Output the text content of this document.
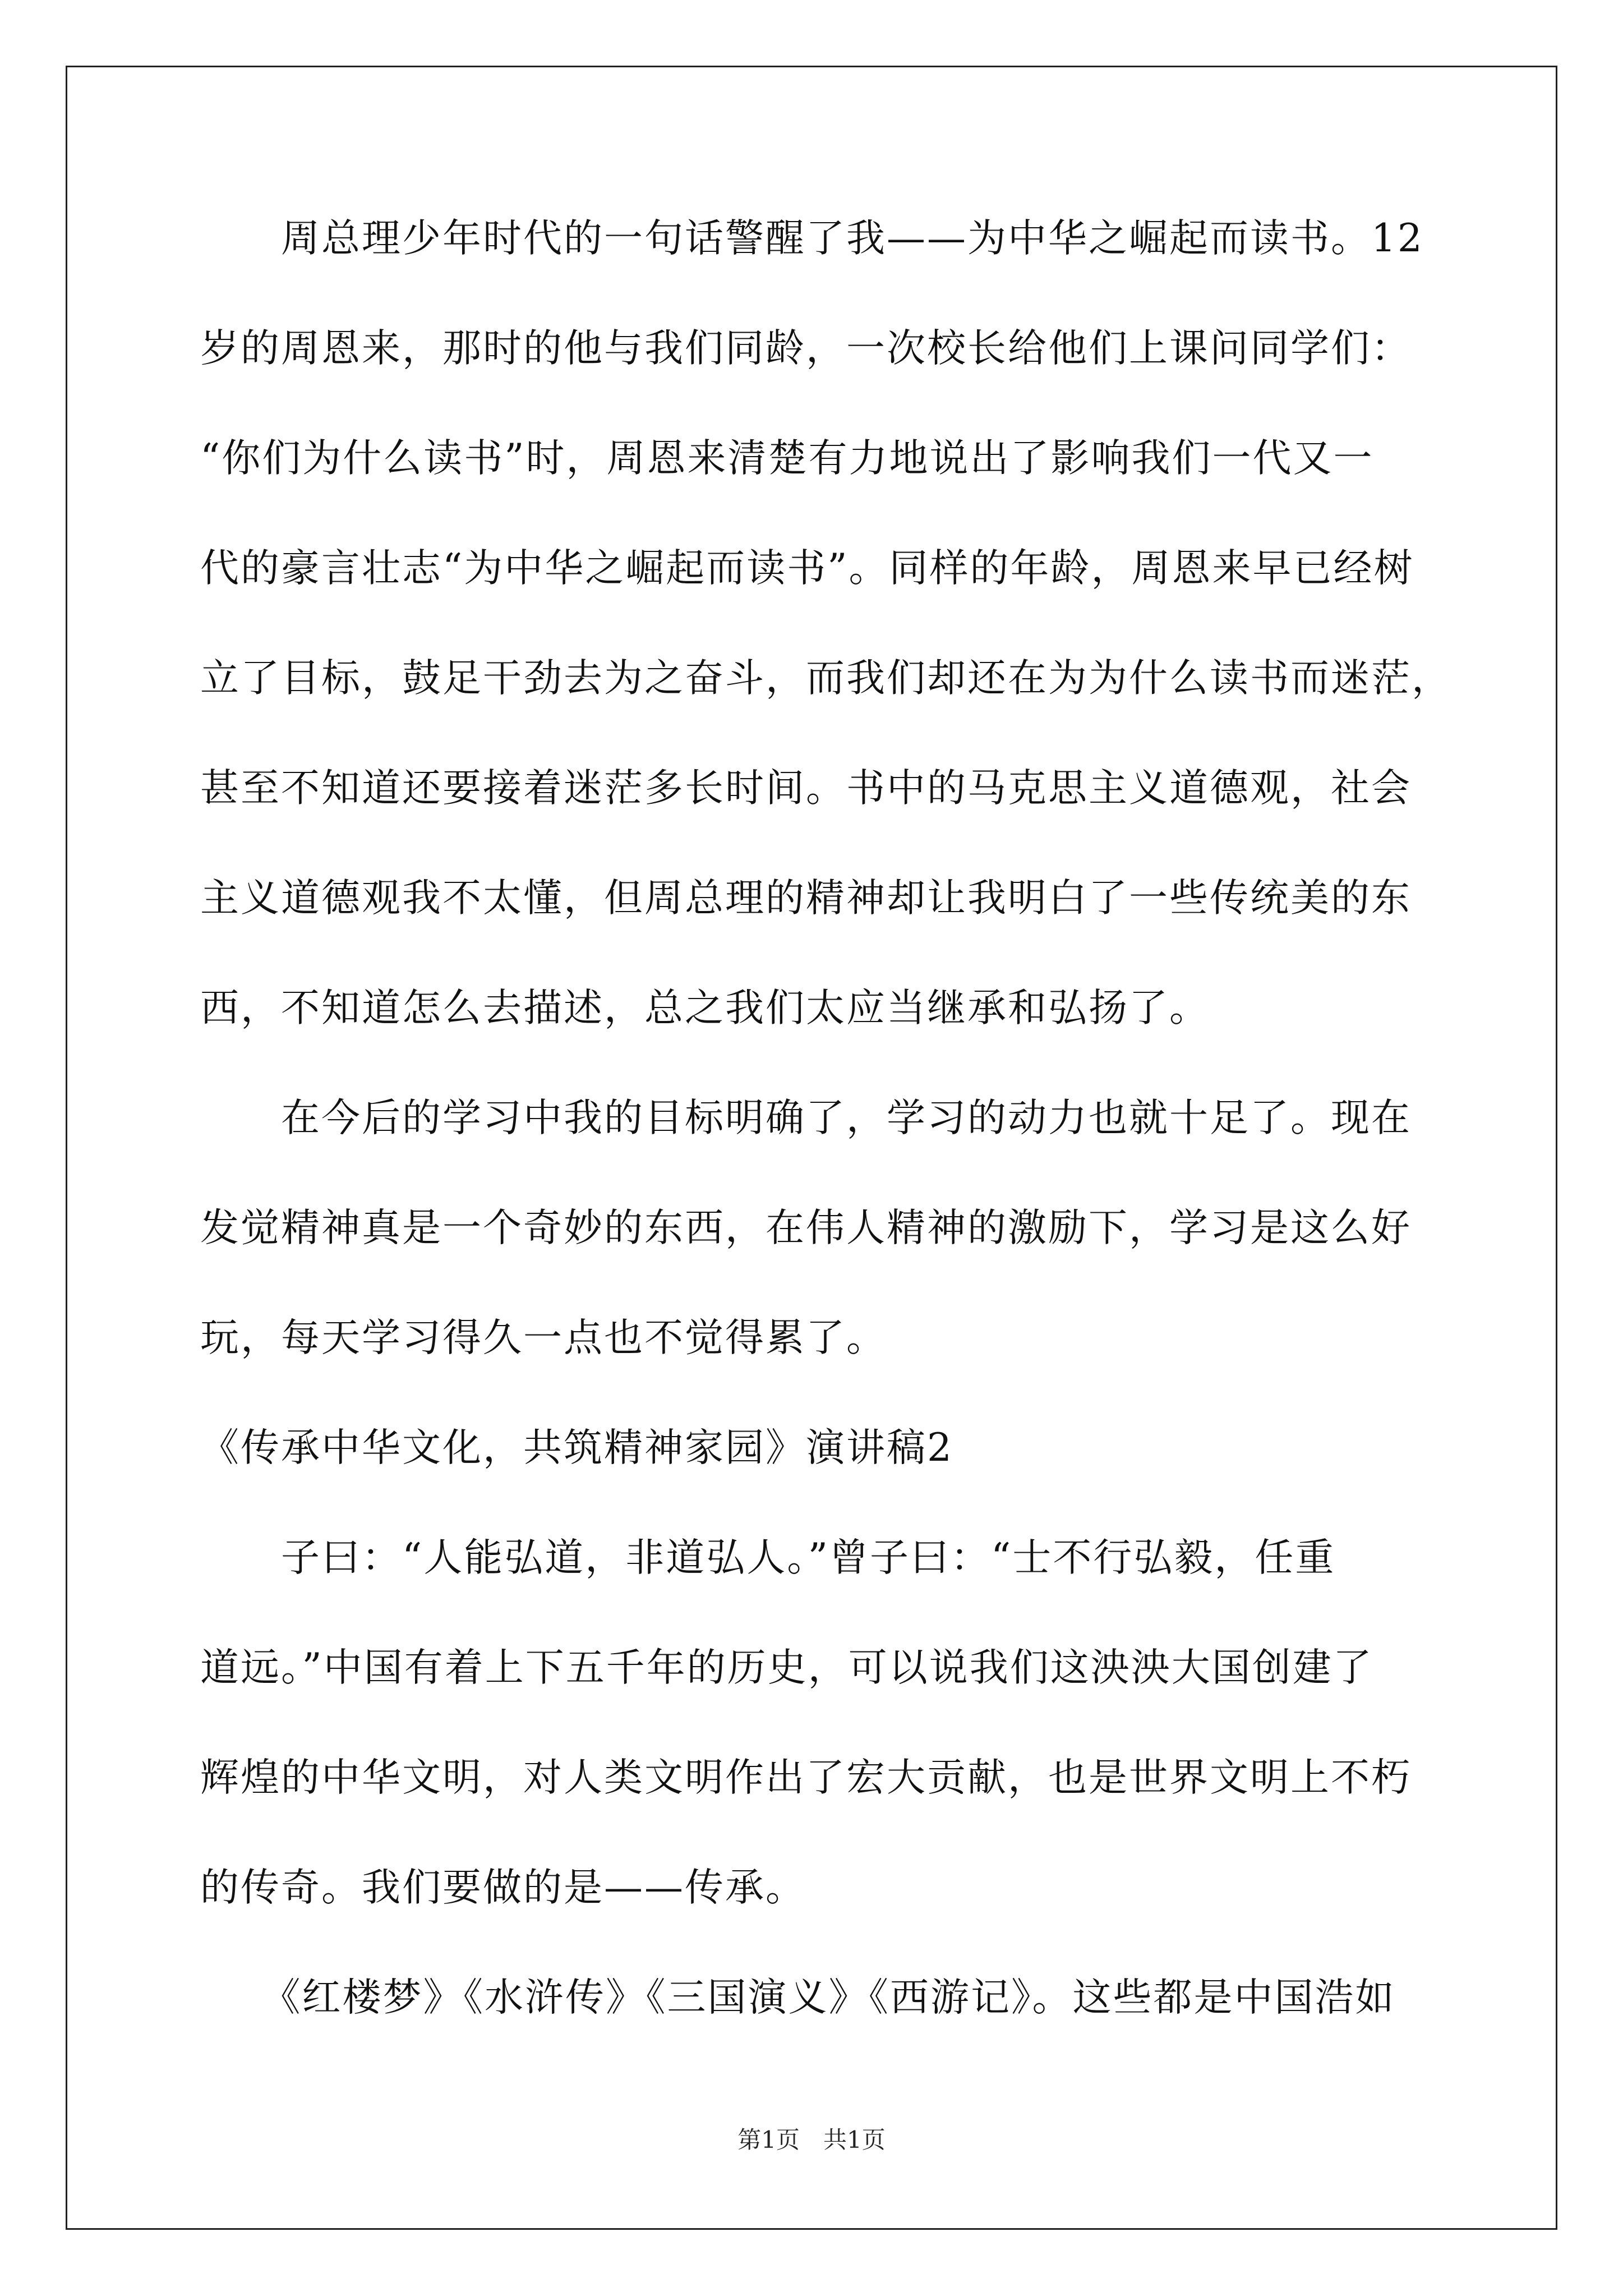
　　周总理少年时代的一句话警醒了我——为中华之崛起而读书。12
岁的周恩来，那时的他与我们同龄，一次校长给他们上课问同学们：
“你们为什么读书”时，周恩来清楚有力地说出了影响我们一代又一
代的豪言壮志“为中华之崛起而读书”。同样的年龄，周恩来早已经树
立了目标，鼓足干劲去为之奋斗，而我们却还在为为什么读书而迷茫，
甚至不知道还要接着迷茫多长时间。书中的马克思主义道德观，社会
主义道德观我不太懂，但周总理的精神却让我明白了一些传统美的东
西，不知道怎么去描述，总之我们太应当继承和弘扬了。
　　在今后的学习中我的目标明确了，学习的动力也就十足了。现在
发觉精神真是一个奇妙的东西，在伟人精神的激励下，学习是这么好
玩，每天学习得久一点也不觉得累了。
《传承中华文化，共筑精神家园》演讲稿2
　　子曰：“人能弘道，非道弘人。”曾子曰：“士不行弘毅，任重
道远。”中国有着上下五千年的历史，可以说我们这泱泱大国创建了
辉煌的中华文明，对人类文明作出了宏大贡献，也是世界文明上不朽
的传奇。我们要做的是——传承。
　　《红楼梦》《水浒传》《三国演义》《西游记》。这些都是中国浩如
第1页　共1页
